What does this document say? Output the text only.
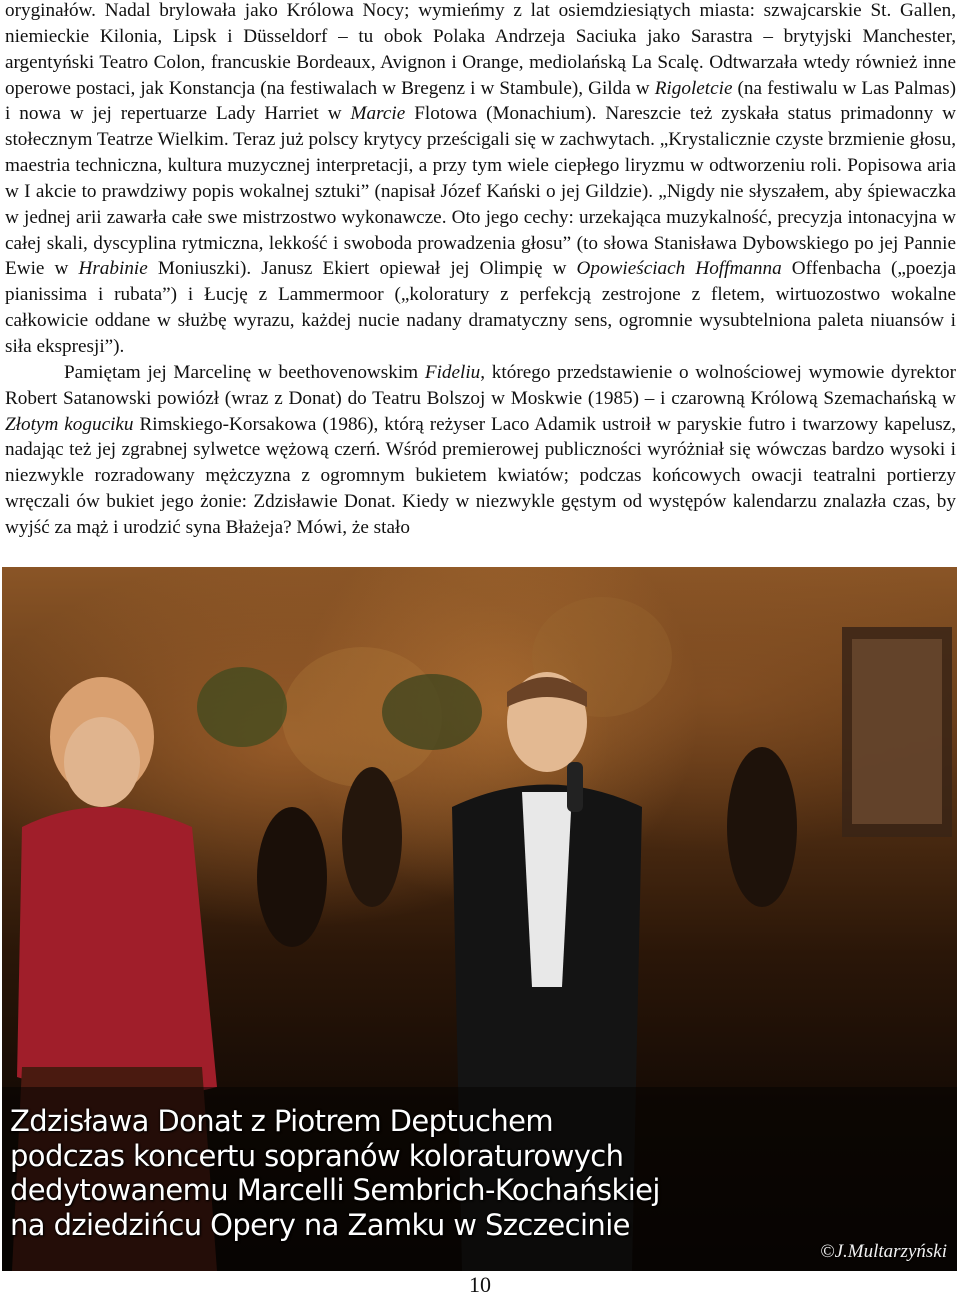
oryginałów. Nadal brylowała jako Królowa Nocy; wymieńmy z lat osiemdziesiątych miasta: szwajcarskie St. Gallen, niemieckie Kilonia, Lipsk i Düsseldorf – tu obok Polaka Andrzeja Saciuka jako Sarastra – brytyjski Manchester, argentyński Teatro Colon, francuskie Bordeaux, Avignon i Orange, mediolańską La Scalę. Odtwarzała wtedy również inne operowe postaci, jak Konstancja (na festiwalach w Bregenz i w Stambule), Gilda w Rigoletcie (na festiwalu w Las Palmas) i nowa w jej repertuarze Lady Harriet w Marcie Flotowa (Monachium). Nareszcie też zyskała status primadonny w stołecznym Teatrze Wielkim. Teraz już polscy krytycy prześcigali się w zachwytach. „Krystalicznie czyste brzmienie głosu, maestria techniczna, kultura muzycznej interpretacji, a przy tym wiele ciepłego liryzmu w odtworzeniu roli. Popisowa aria w I akcie to prawdziwy popis wokalnej sztuki” (napisał Józef Kański o jej Gildzie). „Nigdy nie słyszałem, aby śpiewaczka w jednej arii zawarła całe swe mistrzostwo wykonawcze. Oto jego cechy: urzekająca muzykalność, precyzja intonacyjna w całej skali, dyscyplina rytmiczna, lekkość i swoboda prowadzenia głosu” (to słowa Stanisława Dybowskiego po jej Pannie Ewie w Hrabinie Moniuszki). Janusz Ekiert opiewał jej Olimpię w Opowieściach Hoffmanna Offenbacha („poezja pianissima i rubata”) i Łucję z Lammermoor („koloratury z perfekcją zestrojone z fletem, wirtuozostwo wokalne całkowicie oddane w służbę wyrazu, każdej nucie nadany dramatyczny sens, ogromnie wysubtelniona paleta niuansów i siła ekspresji”).

Pamiętam jej Marcelinę w beethovenowskim Fideliu, którego przedstawienie o wolnościowej wymowie dyrektor Robert Satanowski powiózł (wraz z Donat) do Teatru Bolszoj w Moskwie (1985) – i czarowną Królową Szemachańską w Złotym koguciku Rimskiego-Korsakowa (1986), którą reżyser Laco Adamik ustroił w paryskie futro i twarzowy kapelusz, nadając też jej zgrabnej sylwetce wężową czerń. Wśród premierowej publiczności wyróżniał się wówczas bardzo wysoki i niezwykle rozradowany mężczyzna z ogromnym bukietem kwiatów; podczas końcowych owacji teatralni portierzy wręczali ów bukiet jego żonie: Zdzisławie Donat. Kiedy w niezwykle gęstym od występów kalendarzu znalazła czas, by wyjść za mąż i urodzić syna Błażeja? Mówi, że stało

Zdzisława Donat z Piotrem Deptuchem
podczas koncertu sopranów koloraturowych
dedytowanemu Marcelli Sembrich-Kochańskiej
na dziedzińcu Opery na Zamku w Szczecinie
©J.Multarzyński
10
